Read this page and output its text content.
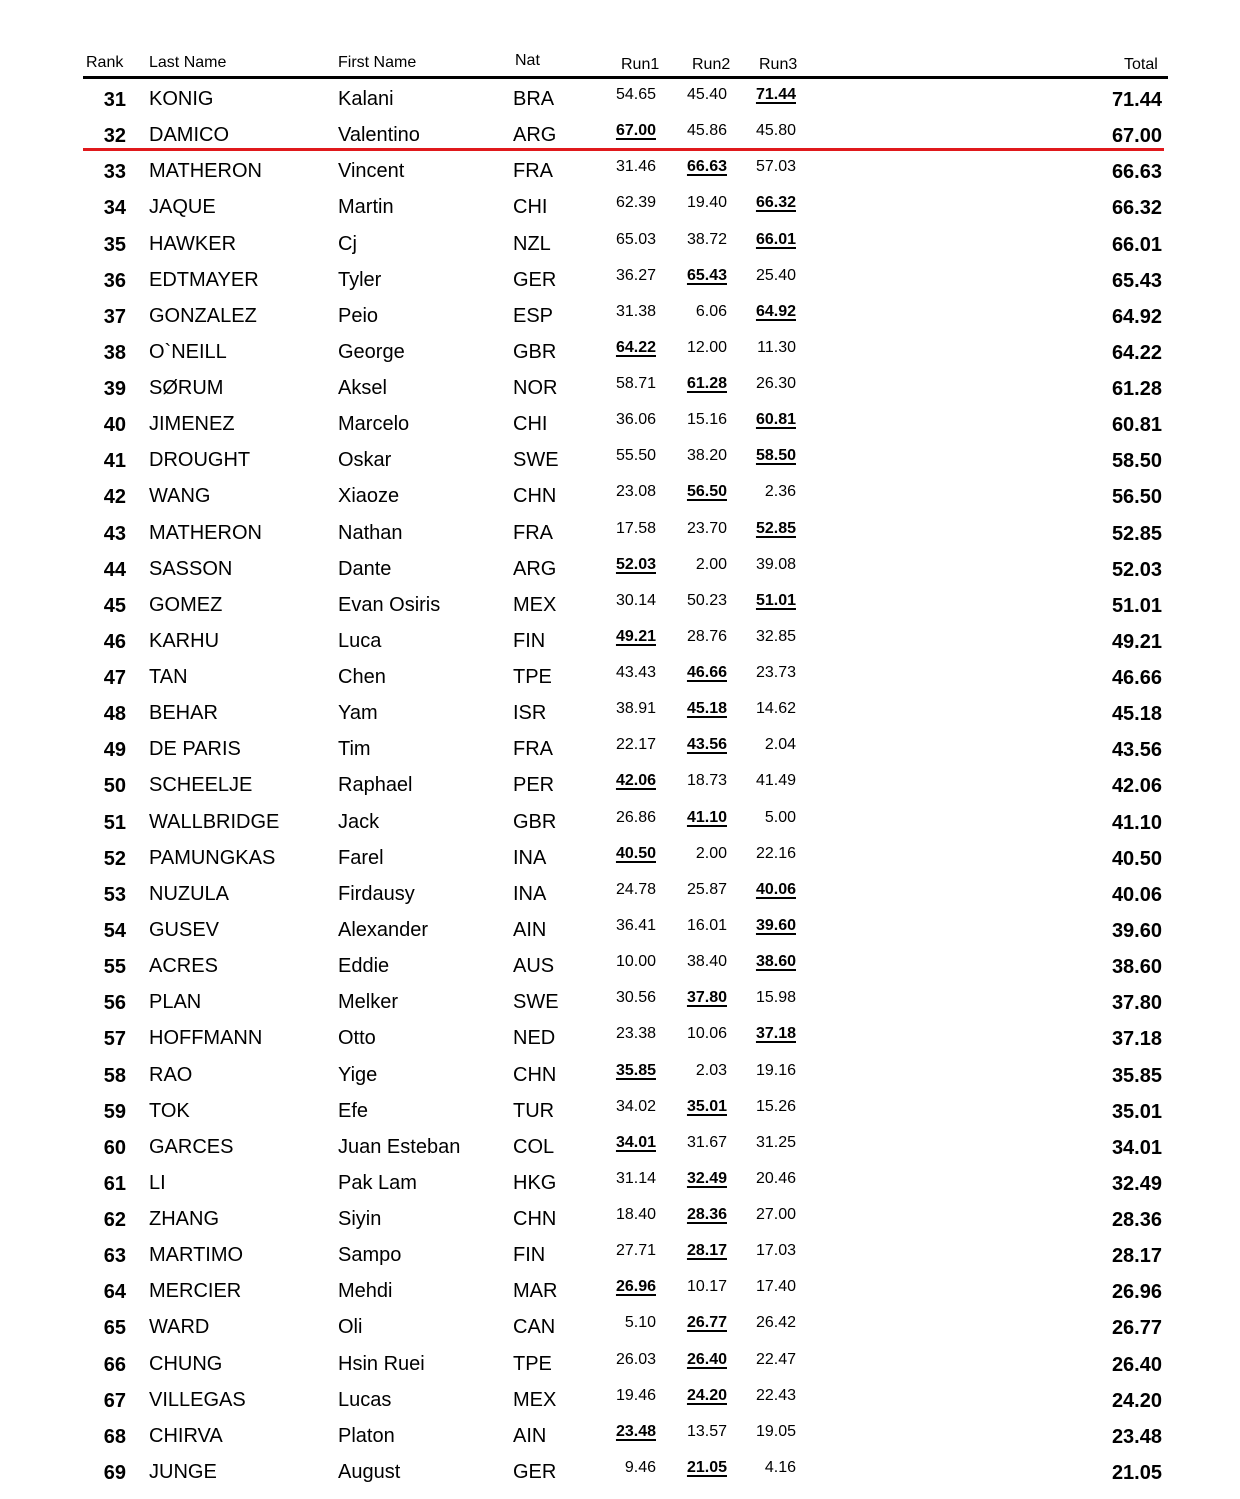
Rank Last Name	First Name	Nat	Run1 Run2 Run3	Total
31 KONIG	Kalani	BRA	54.65	45.40	71.44	71.44
32 DAMICO	Valentino	ARG	67.00	45.86	45.80	67.00
33 MATHERON	Vincent	FRA	31.46	66.63	57.03	66.63
34 JAQUE	Martin	CHI	62.39	19.40	66.32	66.32
35 HAWKER	Cj	NZL	65.03	38.72	66.01	66.01
36 EDTMAYER	Tyler	GER	36.27	65.43	25.40	65.43
37 GONZALEZ	Peio	ESP	31.38	6.06	64.92	64.92
38 O`NEILL	George	GBR	64.22	12.00	11.30	64.22
39 SØRUM	Aksel	NOR	58.71	61.28	26.30	61.28
40 JIMENEZ	Marcelo	CHI	36.06	15.16	60.81	60.81
41 DROUGHT	Oskar	SWE	55.50	38.20	58.50	58.50
42 WANG	Xiaoze	CHN	23.08	56.50	2.36	56.50
43 MATHERON	Nathan	FRA	17.58	23.70	52.85	52.85
44 SASSON	Dante	ARG	52.03	2.00	39.08	52.03
45 GOMEZ	Evan Osiris	MEX	30.14	50.23	51.01	51.01
46 KARHU	Luca	FIN	49.21	28.76	32.85	49.21
47 TAN	Chen	TPE	43.43	46.66	23.73	46.66
48 BEHAR	Yam	ISR	38.91	45.18	14.62	45.18
49 DE PARIS	Tim	FRA	22.17	43.56	2.04	43.56
50 SCHEELJE	Raphael	PER	42.06	18.73	41.49	42.06
51 WALLBRIDGE	Jack	GBR	26.86	41.10	5.00	41.10
52 PAMUNGKAS	Farel	INA	40.50	2.00	22.16	40.50
53 NUZULA	Firdausy	INA	24.78	25.87	40.06	40.06
54 GUSEV	Alexander	AIN	36.41	16.01	39.60	39.60
55 ACRES	Eddie	AUS	10.00	38.40	38.60	38.60
56 PLAN	Melker	SWE	30.56	37.80	15.98	37.80
57 HOFFMANN	Otto	NED	23.38	10.06	37.18	37.18
58 RAO	Yige	CHN	35.85	2.03	19.16	35.85
59 TOK	Efe	TUR	34.02	35.01	15.26	35.01
60 GARCES	Juan Esteban	COL	34.01	31.67	31.25	34.01
61 LI	Pak Lam	HKG	31.14	32.49	20.46	32.49
62 ZHANG	Siyin	CHN	18.40	28.36	27.00	28.36
63 MARTIMO	Sampo	FIN	27.71	28.17	17.03	28.17
64 MERCIER	Mehdi	MAR	26.96	10.17	17.40	26.96
65 WARD	Oli	CAN	5.10	26.77	26.42	26.77
66 CHUNG	Hsin Ruei	TPE	26.03	26.40	22.47	26.40
67 VILLEGAS	Lucas	MEX	19.46	24.20	22.43	24.20
68 CHIRVA	Platon	AIN	23.48	13.57	19.05	23.48
69 JUNGE	August	GER	9.46	21.05	4.16	21.05
